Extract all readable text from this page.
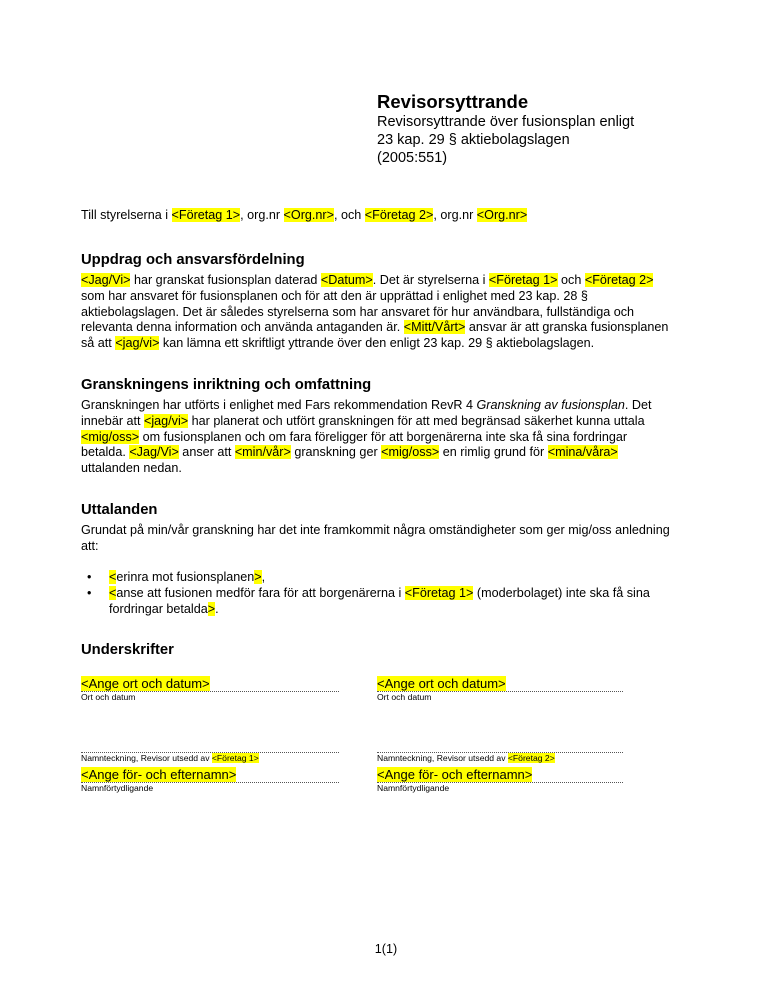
Revisorsyttrande
Revisorsyttrande över fusionsplan enligt
23 kap. 29 § aktiebolagslagen
(2005:551)
Till styrelserna i <Företag 1>, org.nr <Org.nr>, och <Företag 2>, org.nr <Org.nr>
Uppdrag och ansvarsfördelning

<Jag/Vi> har granskat fusionsplan daterad <Datum>. Det är styrelserna i <Företag 1> och <Företag 2>
som har ansvaret för fusionsplanen och för att den är upprättad i enlighet med 23 kap. 28 §
aktiebolagslagen. Det är således styrelserna som har ansvaret för hur användbara, fullständiga och
relevanta denna information och använda antaganden är. <Mitt/Vårt> ansvar är att granska fusionsplanen
så att <jag/vi> kan lämna ett skriftligt yttrande över den enligt 23 kap. 29 § aktiebolagslagen.

Granskningens inriktning och omfattning

Granskningen har utförts i enlighet med Fars rekommendation RevR 4 Granskning av fusionsplan. Det
innebär att <jag/vi> har planerat och utfört granskningen för att med begränsad säkerhet kunna uttala
<mig/oss> om fusionsplanen och om fara föreligger för att borgenärerna inte ska få sina fordringar
betalda. <Jag/Vi> anser att <min/vår> granskning ger <mig/oss> en rimlig grund för <mina/våra>
uttalanden nedan.

Uttalanden

Grundat på min/vår granskning har det inte framkommit några omständigheter som ger mig/oss anledning
att:

• <erinra mot fusionsplanen>,
• <anse att fusionen medför fara för att borgenärerna i <Företag 1> (moderbolaget) inte ska få sina
fordringar betalda>.
Underskrifter
<Ange ort och datum>
Ort och datum
Namnteckning, Revisor utsedd av <Företag 1>
<Ange för- och efternamn>
Namnförtydligande
<Ange ort och datum>
Ort och datum
Namnteckning, Revisor utsedd av <Företag 2>
<Ange för- och efternamn>
Namnförtydligande
1(1)
